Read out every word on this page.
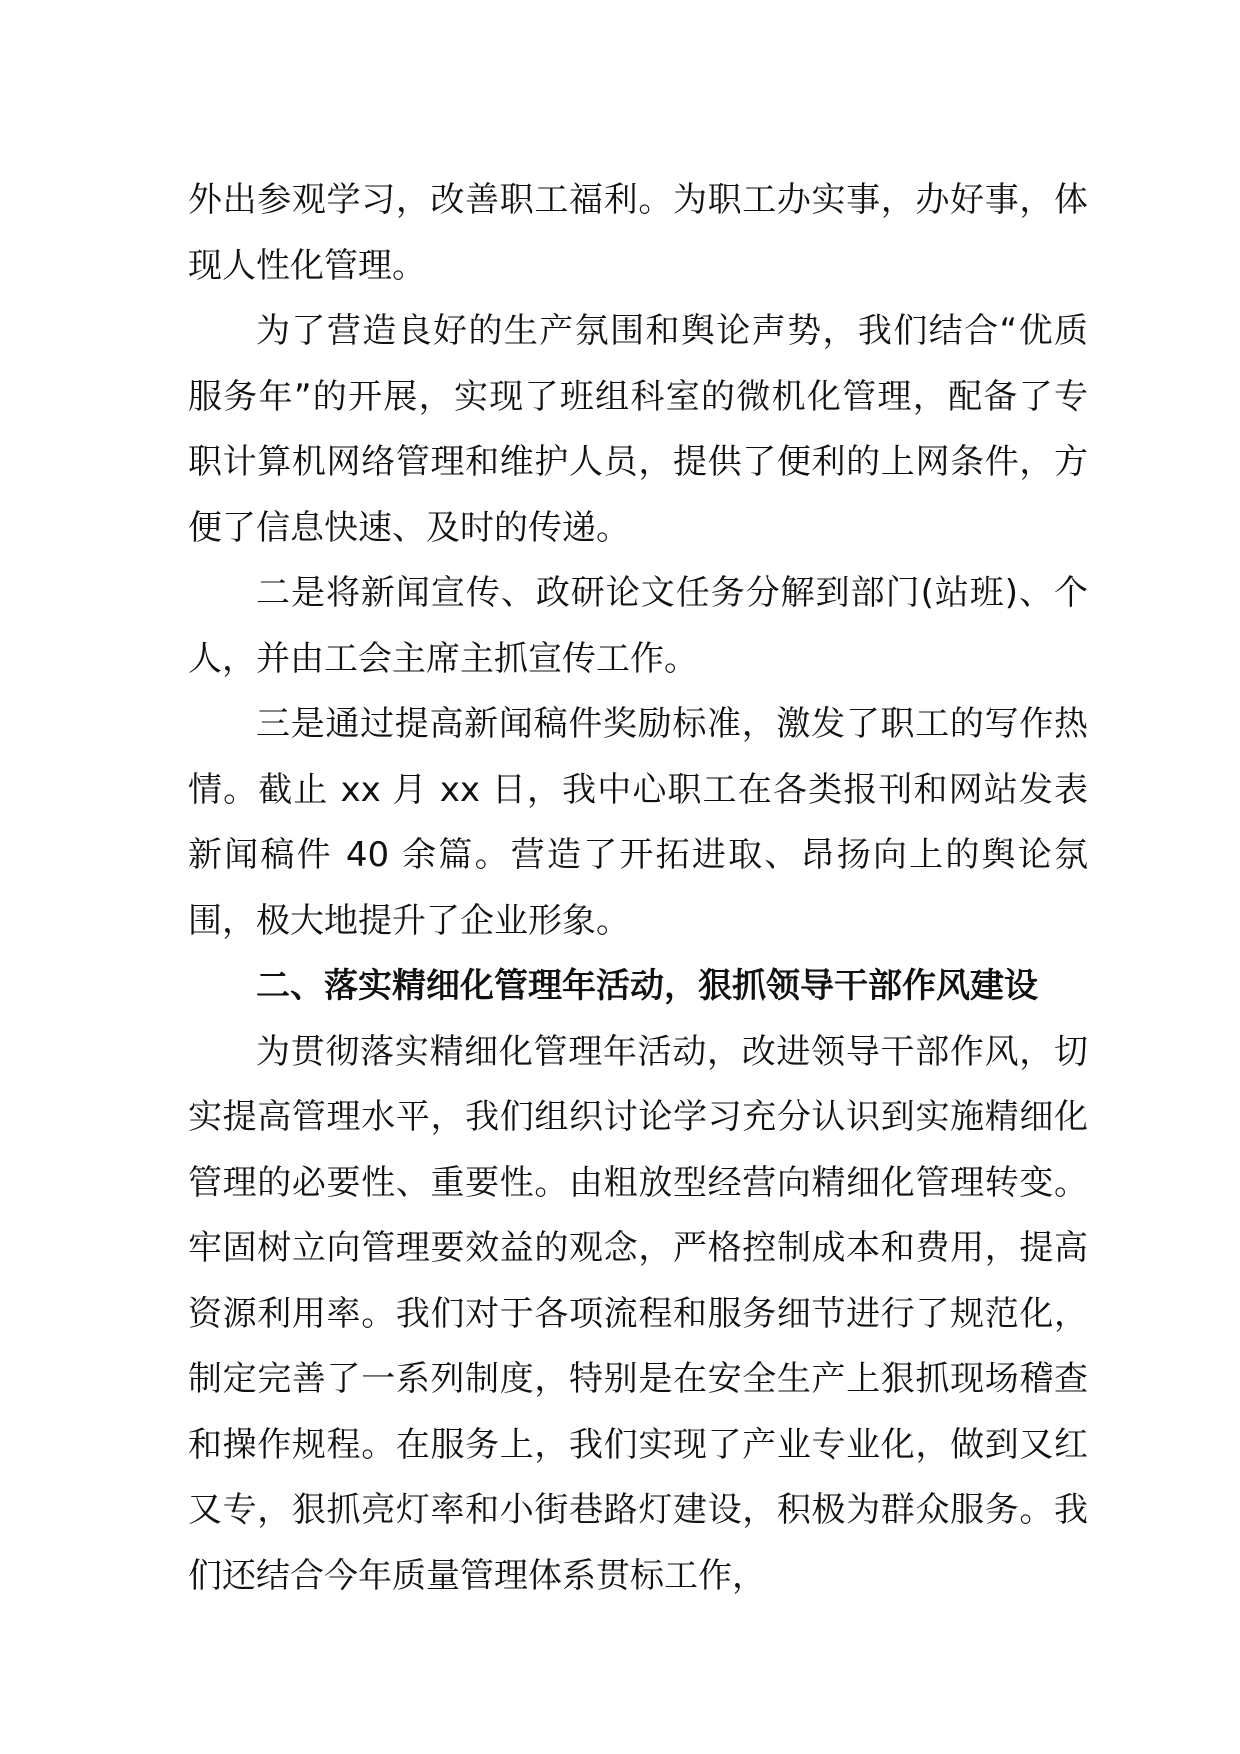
外出参观学习，改善职工福利。为职工办实事，办好事，体现人性化管理。

为了营造良好的生产氛围和舆论声势，我们结合“优质服务年”的开展，实现了班组科室的微机化管理，配备了专职计算机网络管理和维护人员，提供了便利的上网条件，方便了信息快速、及时的传递。

二是将新闻宣传、政研论文任务分解到部门(站班)、个人，并由工会主席主抓宣传工作。

三是通过提高新闻稿件奖励标准，激发了职工的写作热情。截止 xx 月 xx 日，我中心职工在各类报刊和网站发表新闻稿件 40 余篇。营造了开拓进取、昂扬向上的舆论氛围，极大地提升了企业形象。

二、落实精细化管理年活动，狠抓领导干部作风建设

为贯彻落实精细化管理年活动，改进领导干部作风，切实提高管理水平，我们组织讨论学习充分认识到实施精细化管理的必要性、重要性。由粗放型经营向精细化管理转变。牢固树立向管理要效益的观念，严格控制成本和费用，提高资源利用率。我们对于各项流程和服务细节进行了规范化，制定完善了一系列制度，特别是在安全生产上狠抓现场稽查和操作规程。在服务上，我们实现了产业专业化，做到又红又专，狠抓亮灯率和小街巷路灯建设，积极为群众服务。我们还结合今年质量管理体系贯标工作，
